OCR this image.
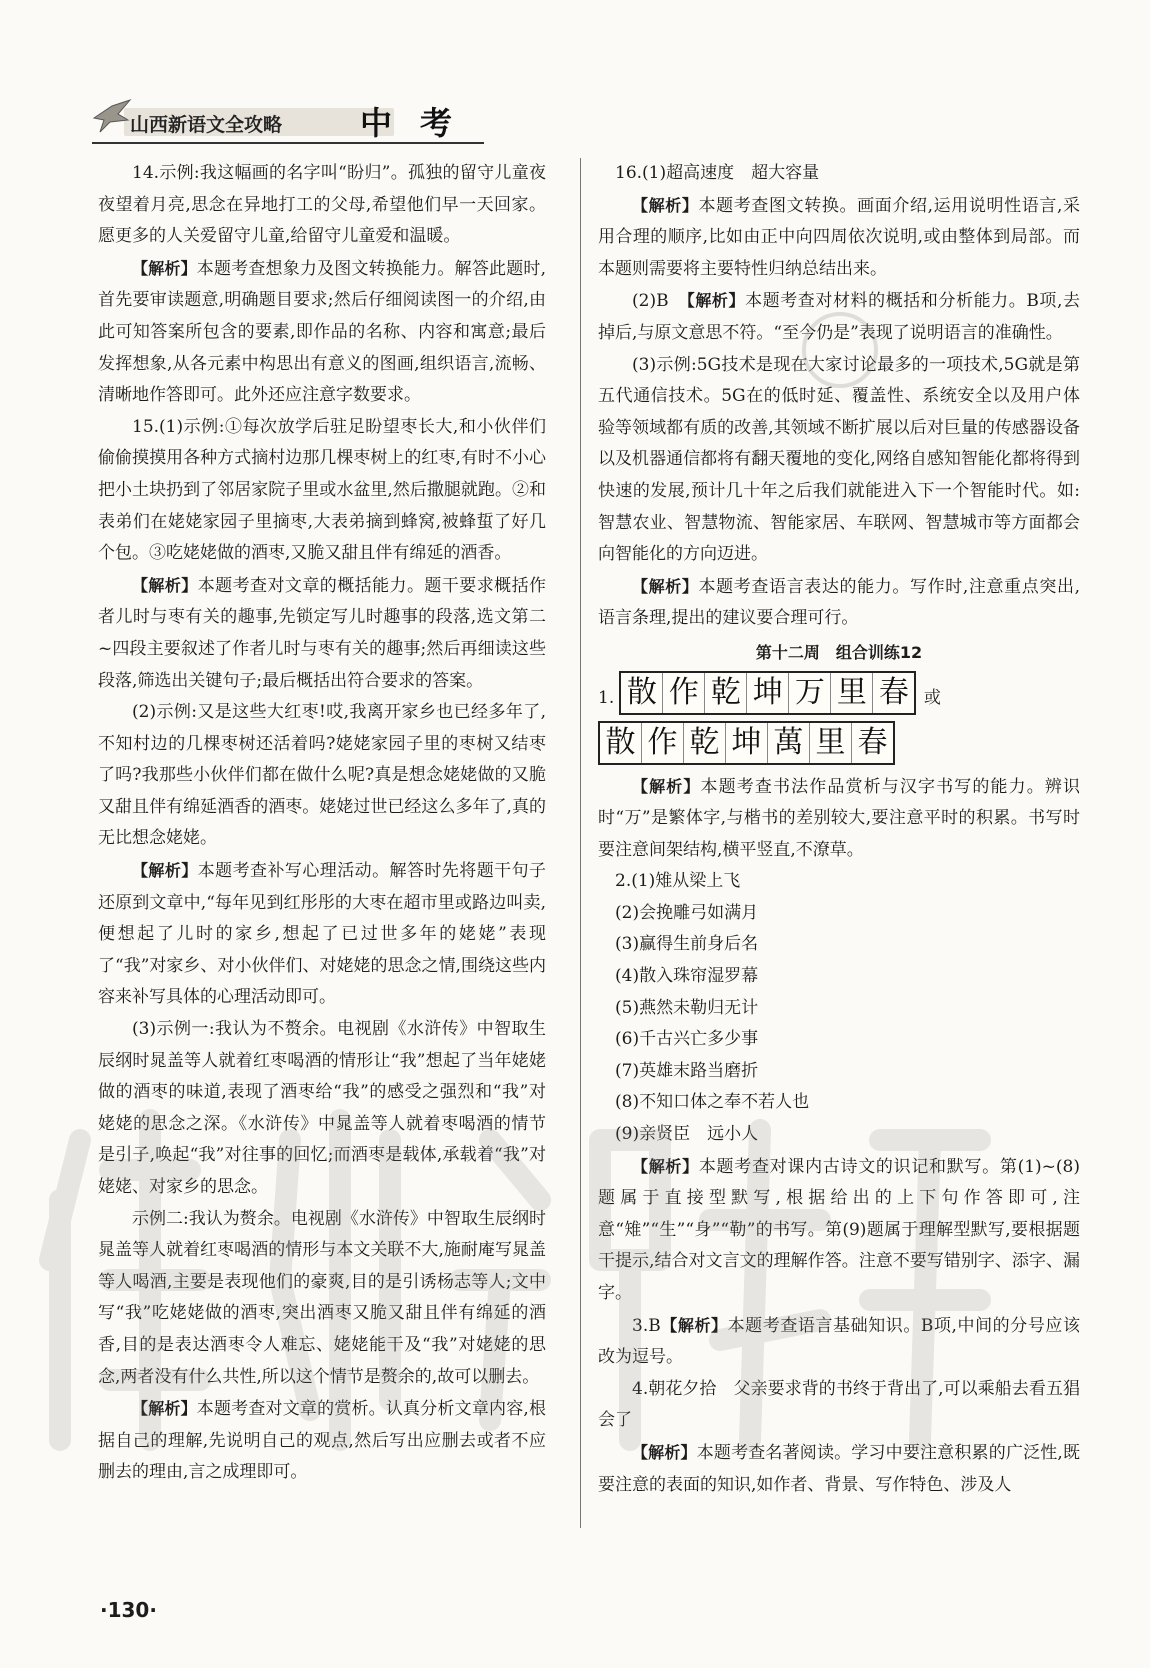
山西新语文全攻略 中考

14.示例:我这幅画的名字叫“盼归”。孤独的留守儿童夜夜望着月亮,思念在异地打工的父母,希望他们早一天回家。愿更多的人关爱留守儿童,给留守儿童爱和温暖。

【解析】本题考查想象力及图文转换能力。解答此题时,首先要审读题意,明确题目要求;然后仔细阅读图一的介绍,由此可知答案所包含的要素,即作品的名称、内容和寓意;最后发挥想象,从各元素中构思出有意义的图画,组织语言,流畅、清晰地作答即可。此外还应注意字数要求。

15.(1)示例:①每次放学后驻足盼望枣长大,和小伙伴们偷偷摸摸用各种方式摘村边那几棵枣树上的红枣,有时不小心把小土块扔到了邻居家院子里或水盆里,然后撒腿就跑。②和表弟们在姥姥家园子里摘枣,大表弟摘到蜂窝,被蜂蜇了好几个包。③吃姥姥做的酒枣,又脆又甜且伴有绵延的酒香。

【解析】本题考查对文章的概括能力。题干要求概括作者儿时与枣有关的趣事,先锁定写儿时趣事的段落,选文第二~四段主要叙述了作者儿时与枣有关的趣事;然后再细读这些段落,筛选出关键句子;最后概括出符合要求的答案。

(2)示例:又是这些大红枣!哎,我离开家乡也已经多年了,不知村边的几棵枣树还活着吗?姥姥家园子里的枣树又结枣了吗?我那些小伙伴们都在做什么呢?真是想念姥姥做的又脆又甜且伴有绵延酒香的酒枣。姥姥过世已经这么多年了,真的无比想念姥姥。

【解析】本题考查补写心理活动。解答时先将题干句子还原到文章中,“每年见到红彤彤的大枣在超市里或路边叫卖,便想起了儿时的家乡,想起了已过世多年的姥姥”表现了“我”对家乡、对小伙伴们、对姥姥的思念之情,围绕这些内容来补写具体的心理活动即可。

(3)示例一:我认为不赘余。电视剧《水浒传》中智取生辰纲时晁盖等人就着红枣喝酒的情形让“我”想起了当年姥姥做的酒枣的味道,表现了酒枣给“我”的感受之强烈和“我”对姥姥的思念之深。《水浒传》中晁盖等人就着枣喝酒的情节是引子,唤起“我”对往事的回忆;而酒枣是载体,承载着“我”对姥姥、对家乡的思念。

示例二:我认为赘余。电视剧《水浒传》中智取生辰纲时晁盖等人就着红枣喝酒的情形与本文关联不大,施耐庵写晁盖等人喝酒,主要是表现他们的豪爽,目的是引诱杨志等人;文中写“我”吃姥姥做的酒枣,突出酒枣又脆又甜且伴有绵延的酒香,目的是表达酒枣令人难忘、姥姥能干及“我”对姥姥的思念,两者没有什么共性,所以这个情节是赘余的,故可以删去。

【解析】本题考查对文章的赏析。认真分析文章内容,根据自己的理解,先说明自己的观点,然后写出应删去或者不应删去的理由,言之成理即可。

16.(1)超高速度　超大容量

【解析】本题考查图文转换。画面介绍,运用说明性语言,采用合理的顺序,比如由正中向四周依次说明,或由整体到局部。而本题则需要将主要特性归纳总结出来。

(2)B　【解析】本题考查对材料的概括和分析能力。B项,去掉后,与原文意思不符。“至今仍是”表现了说明语言的准确性。

(3)示例:5G技术是现在大家讨论最多的一项技术,5G就是第五代通信技术。5G在的低时延、覆盖性、系统安全以及用户体验等领域都有质的改善,其领域不断扩展以后对巨量的传感器设备以及机器通信都将有翻天覆地的变化,网络自感知智能化都将得到快速的发展,预计几十年之后我们就能进入下一个智能时代。如:智慧农业、智慧物流、智能家居、车联网、智慧城市等方面都会向智能化的方向迈进。

【解析】本题考查语言表达的能力。写作时,注意重点突出,语言条理,提出的建议要合理可行。

第十二周　组合训练12

1. 散 作 乾 坤 万 里 春 或
散 作 乾 坤 萬 里 春

【解析】本题考查书法作品赏析与汉字书写的能力。辨识时“万”是繁体字,与楷书的差别较大,要注意平时的积累。书写时要注意间架结构,横平竖直,不潦草。

2.(1)雉从梁上飞

(2)会挽雕弓如满月

(3)赢得生前身后名

(4)散入珠帘湿罗幕

(5)燕然未勒归无计

(6)千古兴亡多少事

(7)英雄末路当磨折

(8)不知口体之奉不若人也

(9)亲贤臣　远小人

【解析】本题考查对课内古诗文的识记和默写。第(1)~(8)题属于直接型默写,根据给出的上下句作答即可,注意“雉”“生”“身”“勒”的书写。第(9)题属于理解型默写,要根据题干提示,结合对文言文的理解作答。注意不要写错别字、添字、漏字。

3.B【解析】本题考查语言基础知识。B项,中间的分号应该改为逗号。

4.朝花夕拾　父亲要求背的书终于背出了,可以乘船去看五猖会了

【解析】本题考查名著阅读。学习中要注意积累的广泛性,既要注意的表面的知识,如作者、背景、写作特色、涉及人

·130·
